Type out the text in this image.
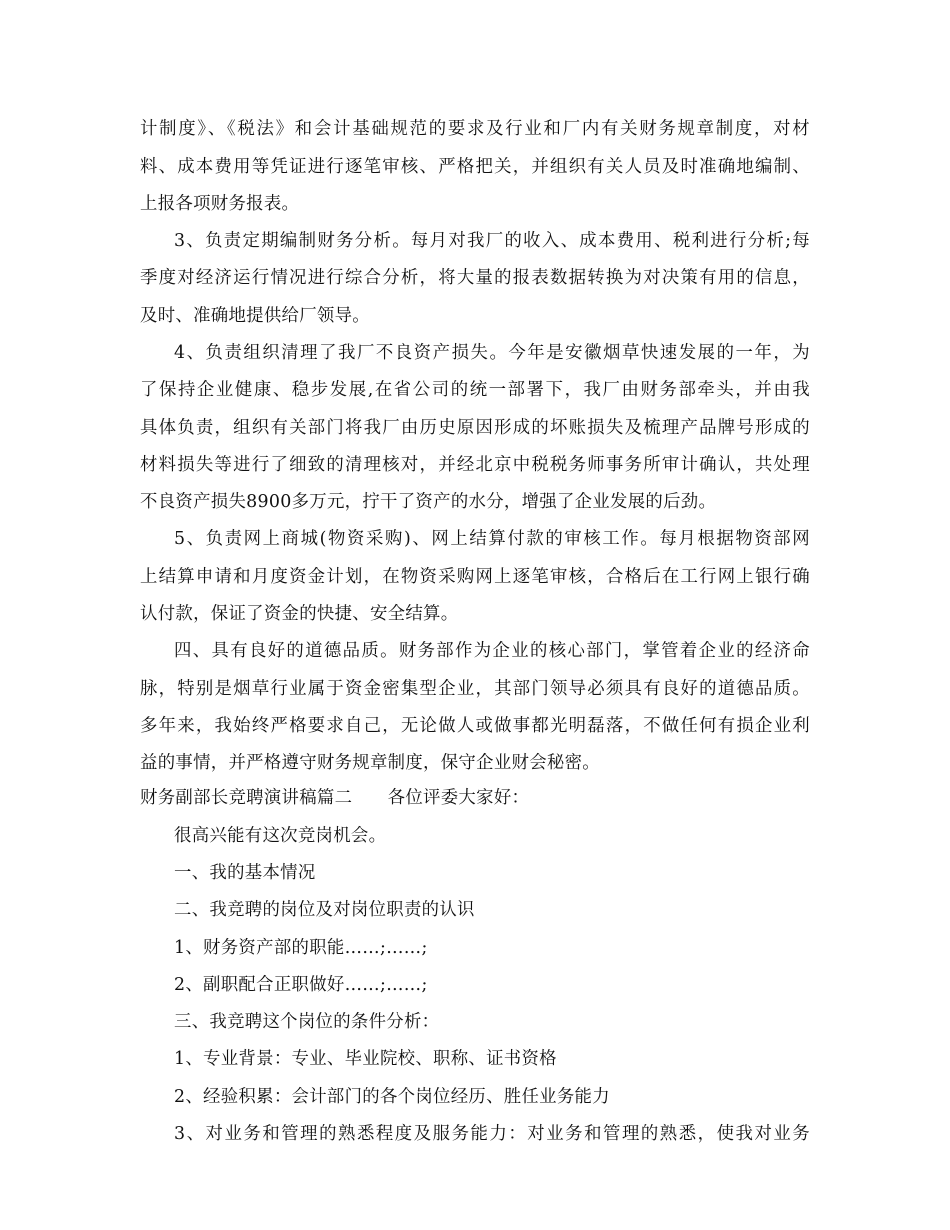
计制度》、《税法》和会计基础规范的要求及行业和厂内有关财务规章制度，对材
料、成本费用等凭证进行逐笔审核、严格把关，并组织有关人员及时准确地编制、
上报各项财务报表。
3、负责定期编制财务分析。每月对我厂的收入、成本费用、税利进行分析;每
季度对经济运行情况进行综合分析，将大量的报表数据转换为对决策有用的信息，
及时、准确地提供给厂领导。
4、负责组织清理了我厂不良资产损失。今年是安徽烟草快速发展的一年，为
了保持企业健康、稳步发展,在省公司的统一部署下，我厂由财务部牵头，并由我
具体负责，组织有关部门将我厂由历史原因形成的坏账损失及梳理产品牌号形成的
材料损失等进行了细致的清理核对，并经北京中税税务师事务所审计确认，共处理
不良资产损失8900多万元，拧干了资产的水分，增强了企业发展的后劲。
5、负责网上商城(物资采购)、网上结算付款的审核工作。每月根据物资部网
上结算申请和月度资金计划，在物资采购网上逐笔审核，合格后在工行网上银行确
认付款，保证了资金的快捷、安全结算。
四、具有良好的道德品质。财务部作为企业的核心部门，掌管着企业的经济命
脉，特别是烟草行业属于资金密集型企业，其部门领导必须具有良好的道德品质。
多年来，我始终严格要求自己，无论做人或做事都光明磊落，不做任何有损企业利
益的事情，并严格遵守财务规章制度，保守企业财会秘密。
财务副部长竞聘演讲稿篇二　　各位评委大家好：
很高兴能有这次竞岗机会。
一、我的基本情况
二、我竞聘的岗位及对岗位职责的认识
1、财务资产部的职能……;……;
2、副职配合正职做好……;……;
三、我竞聘这个岗位的条件分析：
1、专业背景：专业、毕业院校、职称、证书资格
2、经验积累：会计部门的各个岗位经历、胜任业务能力
3、对业务和管理的熟悉程度及服务能力：对业务和管理的熟悉，使我对业务
